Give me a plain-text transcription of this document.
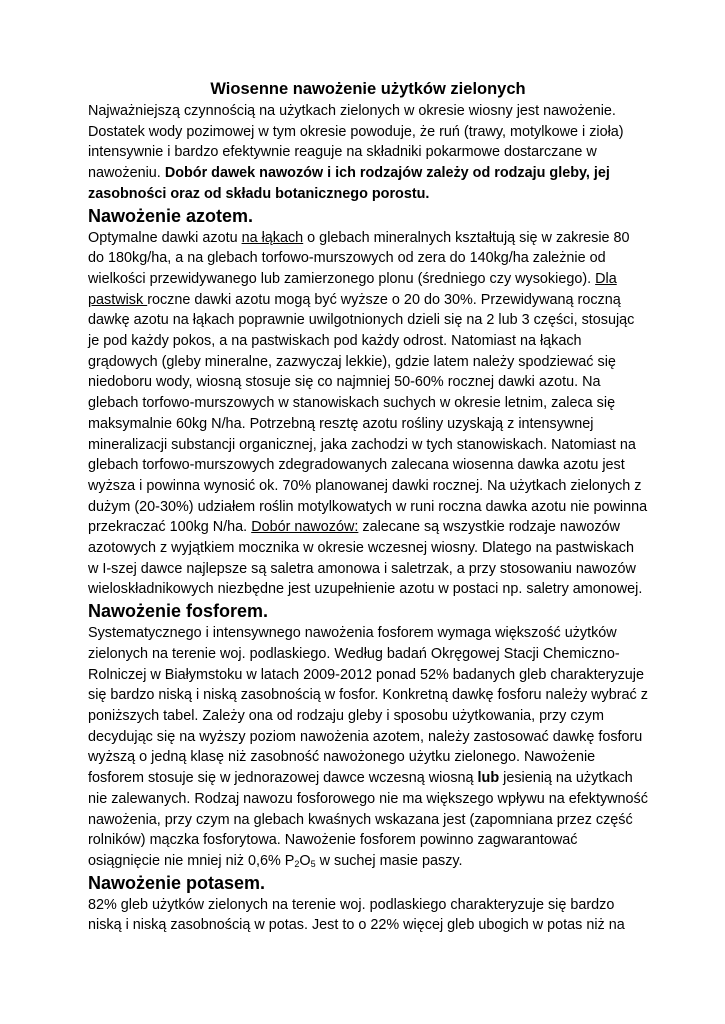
Wiosenne nawożenie użytków zielonych

Najważniejszą czynnością na użytkach zielonych w okresie wiosny jest nawożenie. Dostatek wody pozimowej w tym okresie powoduje, że ruń (trawy, motylkowe i zioła) intensywnie i bardzo efektywnie reaguje na składniki pokarmowe dostarczane w nawożeniu. Dobór dawek nawozów i ich rodzajów zależy od rodzaju gleby, jej zasobności oraz od składu botanicznego porostu.

Nawożenie azotem.

Optymalne dawki azotu na łąkach o glebach mineralnych kształtują się w zakresie 80 do 180kg/ha, a na glebach torfowo-murszowych od zera do 140kg/ha zależnie od wielkości przewidywanego lub zamierzonego plonu (średniego czy wysokiego). Dla pastwisk roczne dawki azotu mogą być wyższe o 20 do 30%. Przewidywaną roczną dawkę azotu na łąkach poprawnie uwilgotnionych dzieli się na 2 lub 3 części, stosując je pod każdy pokos, a na pastwiskach pod każdy odrost. Natomiast na łąkach grądowych (gleby mineralne, zazwyczaj lekkie), gdzie latem należy spodziewać się niedoboru wody, wiosną stosuje się co najmniej 50-60% rocznej dawki azotu. Na glebach torfowo-murszowych w stanowiskach suchych w okresie letnim, zaleca się maksymalnie 60kg N/ha. Potrzebną resztę azotu rośliny uzyskają z intensywnej mineralizacji substancji organicznej, jaka zachodzi w tych stanowiskach. Natomiast na glebach torfowo-murszowych zdegradowanych zalecana wiosenna dawka azotu jest wyższa i powinna wynosić ok. 70% planowanej dawki rocznej. Na użytkach zielonych z dużym (20-30%) udziałem roślin motylkowatych w runi roczna dawka azotu nie powinna przekraczać 100kg N/ha. Dobór nawozów: zalecane są wszystkie rodzaje nawozów azotowych z wyjątkiem mocznika w okresie wczesnej wiosny. Dlatego na pastwiskach w I-szej dawce najlepsze są saletra amonowa i saletrzak, a przy stosowaniu nawozów wieloskładnikowych niezbędne jest uzupełnienie azotu w postaci np. saletry amonowej.

Nawożenie fosforem.

Systematycznego i intensywnego nawożenia fosforem wymaga większość użytków zielonych na terenie woj. podlaskiego. Według badań Okręgowej Stacji Chemiczno-Rolniczej w Białymstoku w latach 2009-2012 ponad 52% badanych gleb charakteryzuje się bardzo niską i niską zasobnością w fosfor. Konkretną dawkę fosforu należy wybrać z poniższych tabel. Zależy ona od rodzaju gleby i sposobu użytkowania, przy czym decydując się na wyższy poziom nawożenia azotem, należy zastosować dawkę fosforu wyższą o jedną klasę niż zasobność nawożonego użytku zielonego. Nawożenie fosforem stosuje się w jednorazowej dawce wczesną wiosną lub jesienią na użytkach nie zalewanych. Rodzaj nawozu fosforowego nie ma większego wpływu na efektywność nawożenia, przy czym na glebach kwaśnych wskazana jest (zapomniana przez część rolników) mączka fosforytowa. Nawożenie fosforem powinno zagwarantować osiągnięcie nie mniej niż 0,6% $P_2O_5$ w suchej masie paszy.

Nawożenie potasem.

82% gleb użytków zielonych na terenie woj. podlaskiego charakteryzuje się bardzo niską i niską zasobnością w potas. Jest to o 22% więcej gleb ubogich w potas niż na
